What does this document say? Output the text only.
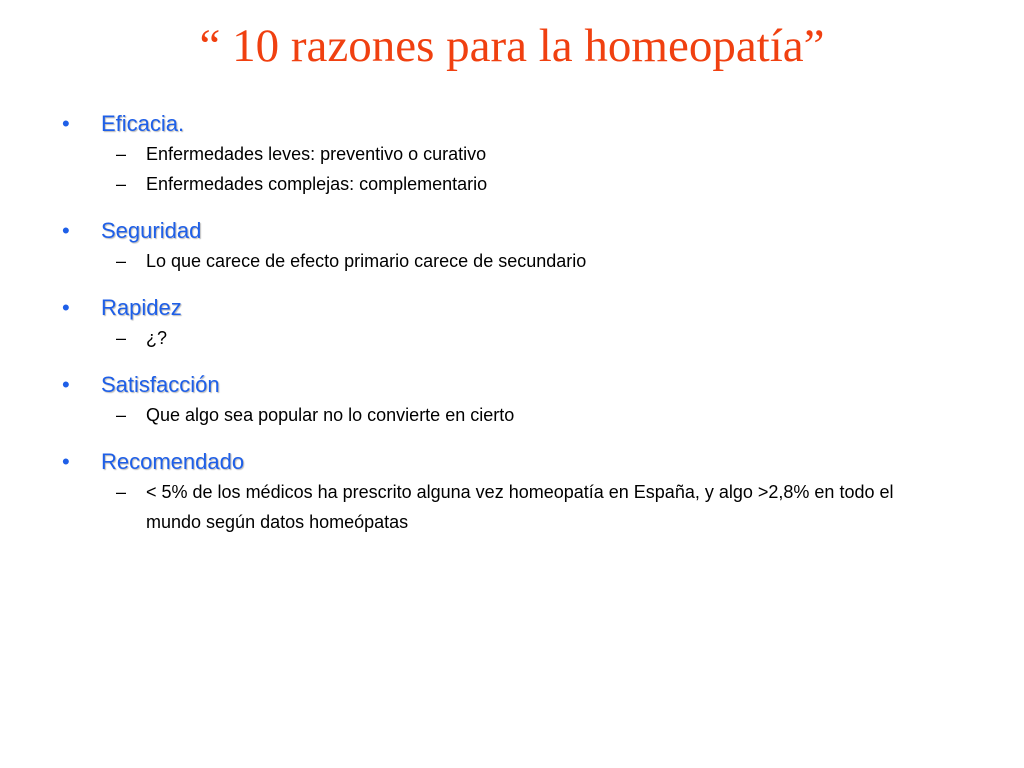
“ 10 razones para la homeopatía”
•	Eficacia.
–	Enfermedades leves: preventivo o curativo
–	Enfermedades complejas: complementario
•	Seguridad
–	Lo que carece de efecto primario carece de secundario
•	Rapidez
–	¿?
•	Satisfacción
–	Que algo sea popular no lo convierte en cierto
•	Recomendado
–	< 5% de los médicos ha prescrito alguna vez homeopatía en España, y algo >2,8% en todo el mundo según datos homeópatas
